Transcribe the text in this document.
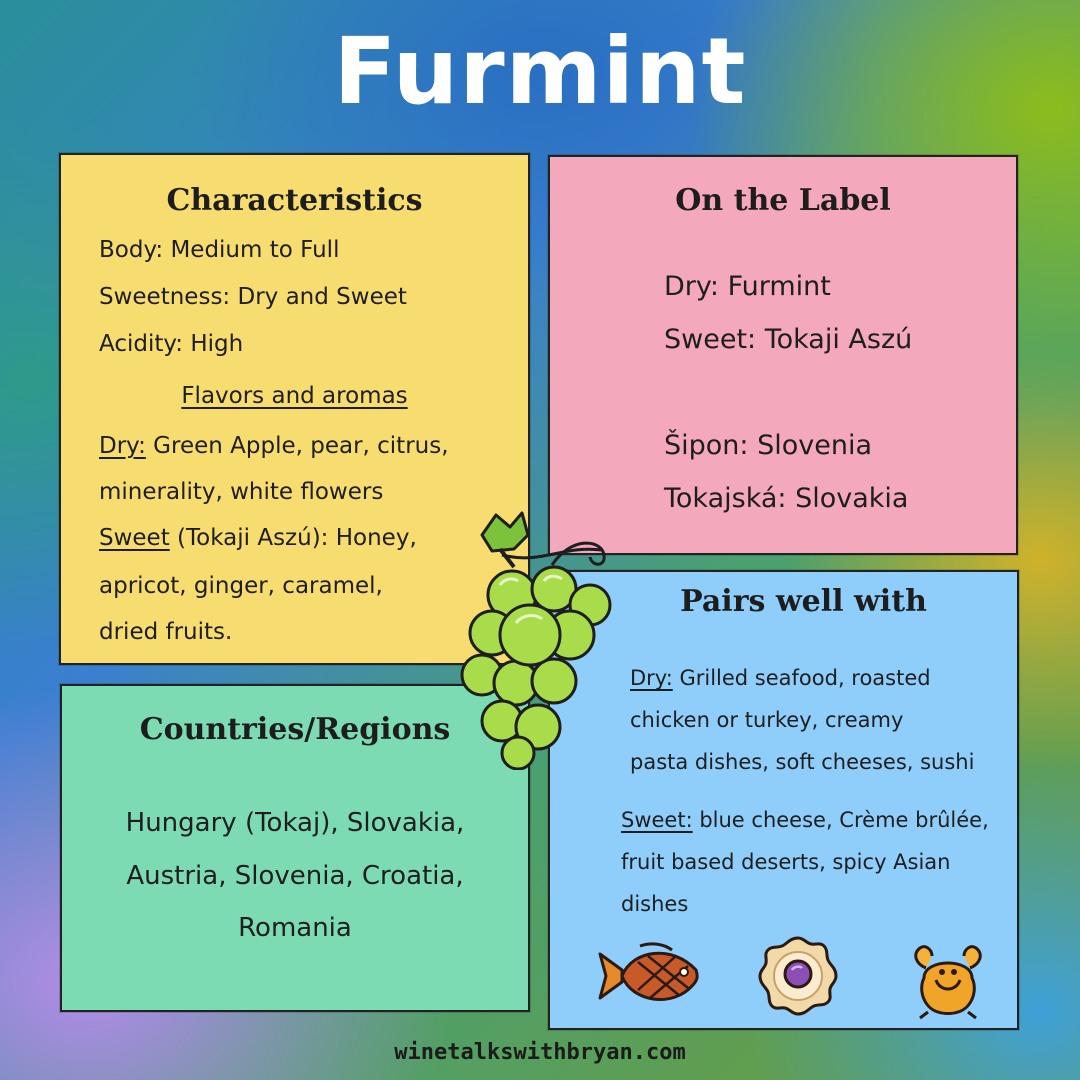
Furmint
Characteristics
Body: Medium to Full
Sweetness: Dry and Sweet
Acidity: High
Flavors and aromas
Dry: Green Apple, pear, citrus,
minerality, white flowers
Sweet (Tokaji Aszú): Honey,
apricot, ginger, caramel,
dried fruits.
On the Label
Dry: Furmint
Sweet: Tokaji Aszú
Šipon: Slovenia
Tokajská: Slovakia
Countries/Regions
Hungary (Tokaj), Slovakia,
Austria, Slovenia, Croatia,
Romania
Pairs well with
Dry: Grilled seafood, roasted
chicken or turkey, creamy
pasta dishes, soft cheeses, sushi
Sweet: blue cheese, Crème brûlée,
fruit based deserts, spicy Asian
dishes
winetalkswithbryan.com
